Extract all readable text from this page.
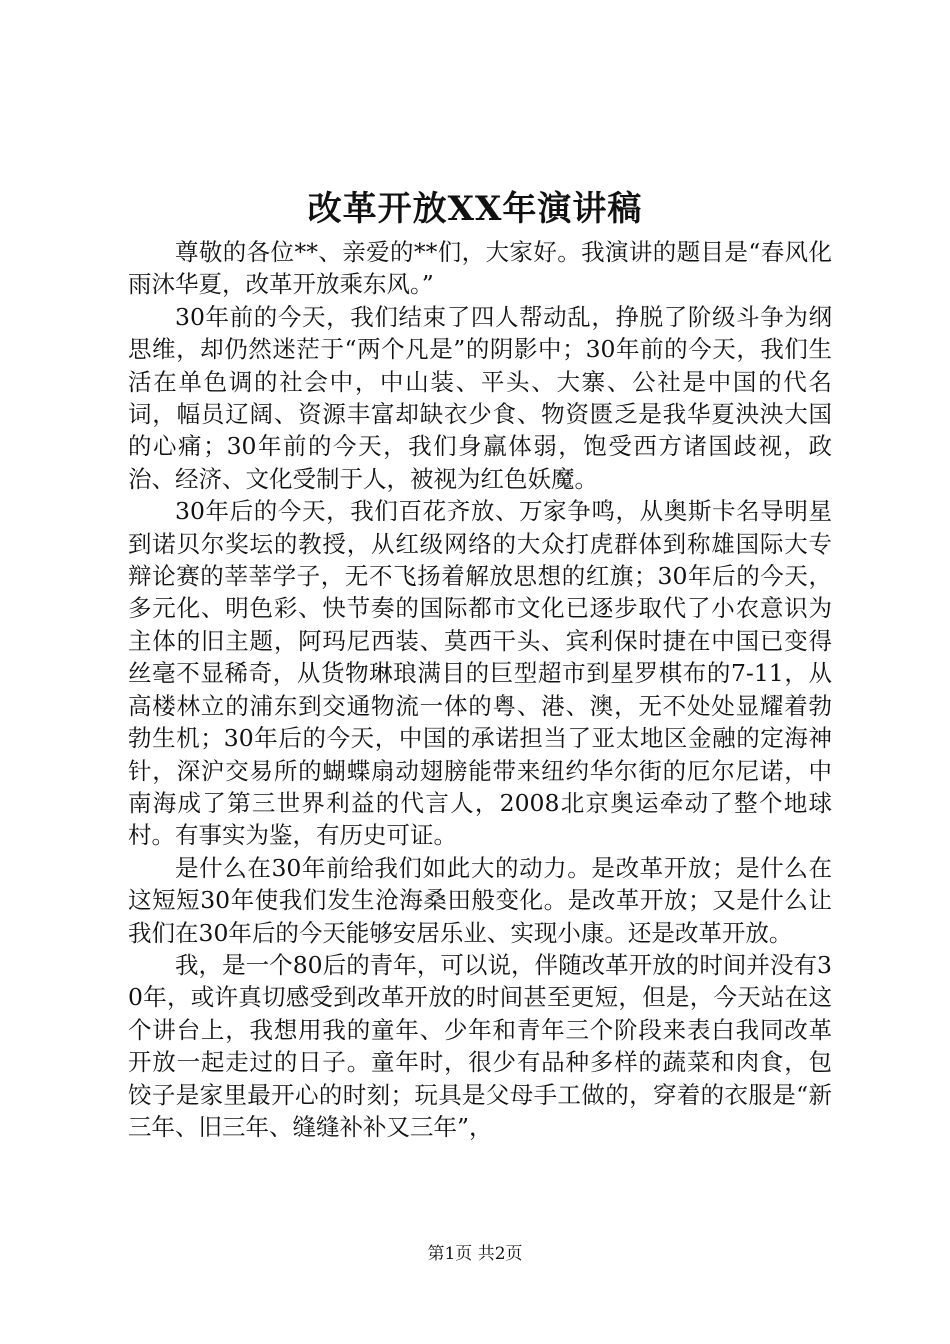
改革开放XX年演讲稿

尊敬的各位**、亲爱的**们，大家好。我演讲的题目是“春风化雨沐华夏，改革开放乘东风。”

30年前的今天，我们结束了四人帮动乱，挣脱了阶级斗争为纲思维，却仍然迷茫于“两个凡是”的阴影中；30年前的今天，我们生活在单色调的社会中，中山装、平头、大寨、公社是中国的代名词，幅员辽阔、资源丰富却缺衣少食、物资匮乏是我华夏泱泱大国的心痛；30年前的今天，我们身羸体弱，饱受西方诸国歧视，政治、经济、文化受制于人，被视为红色妖魔。

30年后的今天，我们百花齐放、万家争鸣，从奥斯卡名导明星到诺贝尔奖坛的教授，从红级网络的大众打虎群体到称雄国际大专辩论赛的莘莘学子，无不飞扬着解放思想的红旗；30年后的今天，多元化、明色彩、快节奏的国际都市文化已逐步取代了小农意识为主体的旧主题，阿玛尼西装、莫西干头、宾利保时捷在中国已变得丝毫不显稀奇，从货物琳琅满目的巨型超市到星罗棋布的7-11，从高楼林立的浦东到交通物流一体的粤、港、澳，无不处处显耀着勃勃生机；30年后的今天，中国的承诺担当了亚太地区金融的定海神针，深沪交易所的蝴蝶扇动翅膀能带来纽约华尔街的厄尔尼诺，中南海成了第三世界利益的代言人，2008北京奥运牵动了整个地球村。有事实为鉴，有历史可证。

是什么在30年前给我们如此大的动力。是改革开放；是什么在这短短30年使我们发生沧海桑田般变化。是改革开放；又是什么让我们在30年后的今天能够安居乐业、实现小康。还是改革开放。

我，是一个80后的青年，可以说，伴随改革开放的时间并没有30年，或许真切感受到改革开放的时间甚至更短，但是，今天站在这个讲台上，我想用我的童年、少年和青年三个阶段来表白我同改革开放一起走过的日子。童年时，很少有品种多样的蔬菜和肉食，包饺子是家里最开心的时刻；玩具是父母手工做的，穿着的衣服是“新三年、旧三年、缝缝补补又三年”，

第1页 共2页
